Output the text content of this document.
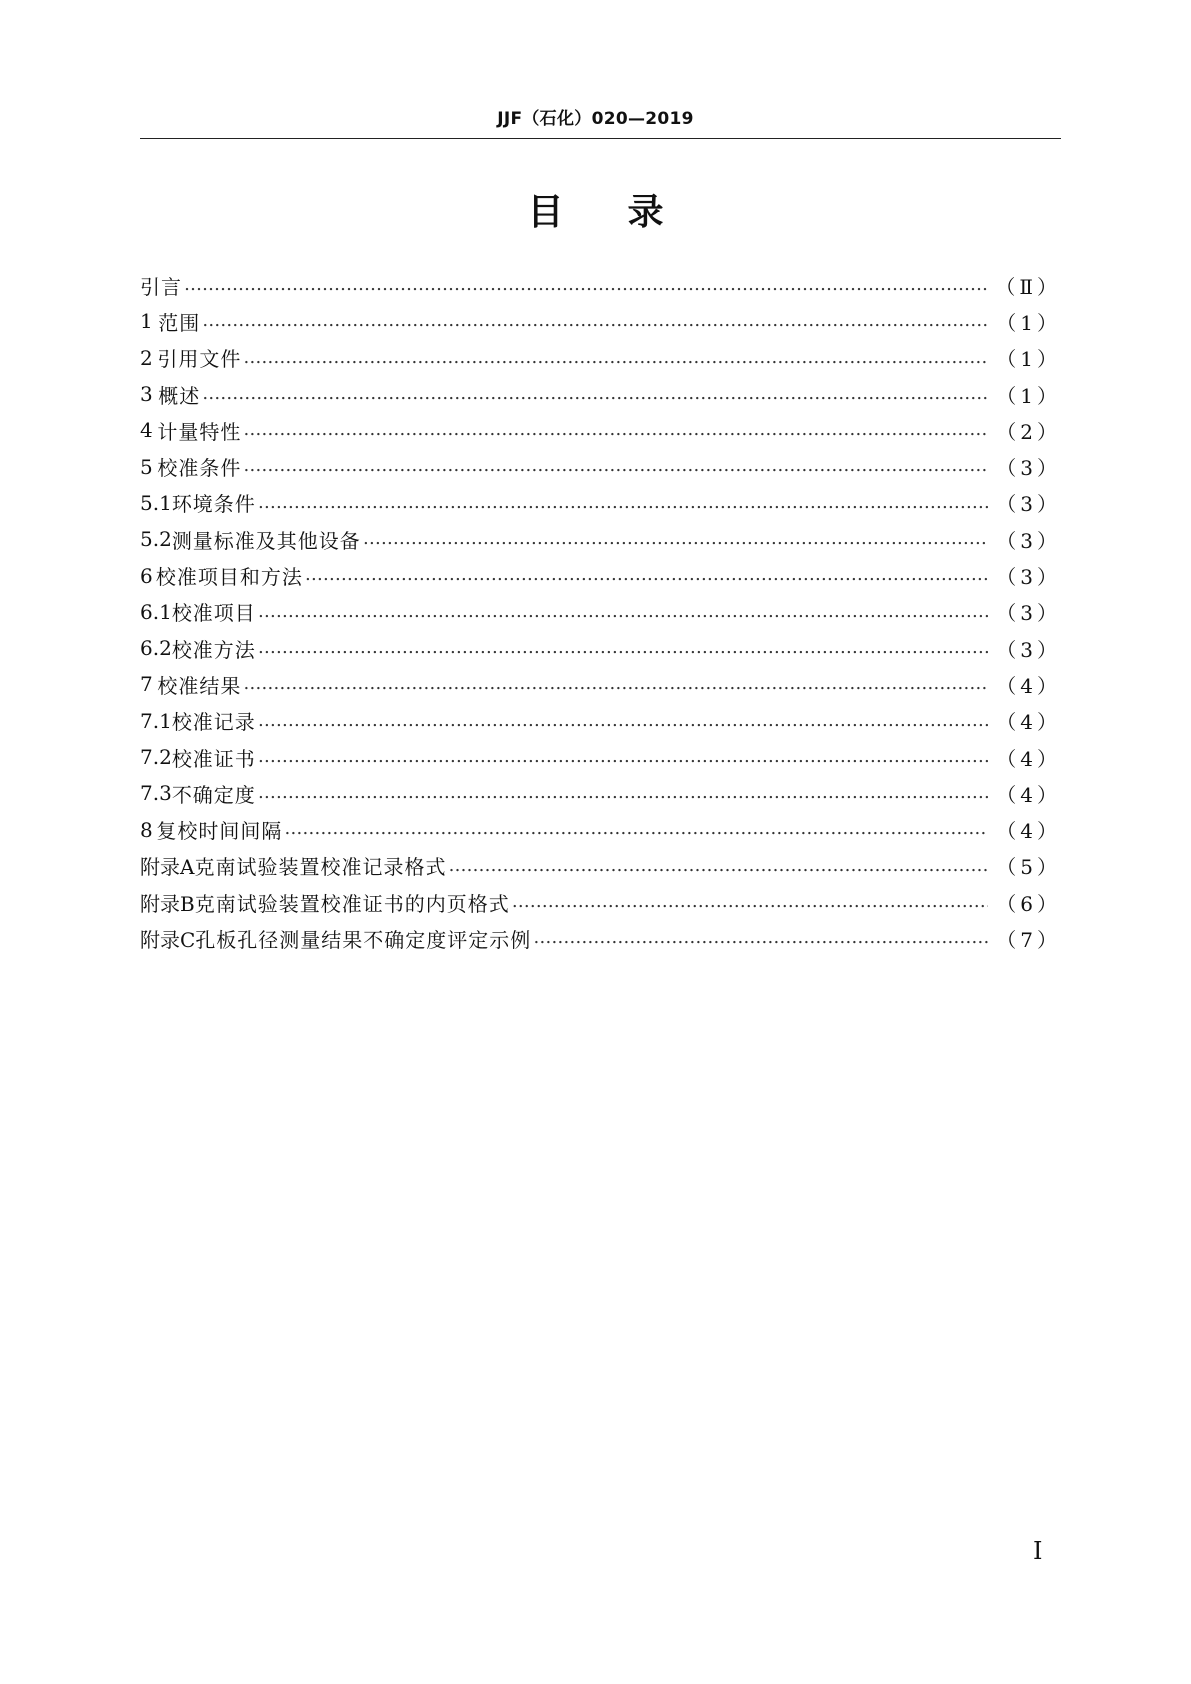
JJF（石化）020—2019
目录
引言 ……………………………………………………………………………………………………………………………………………………………………………………………………………………………………	（Ⅱ）
1 范围 ……………………………………………………………………………………………………………………………………………………………………………………………………………………………………	（1）
2 引用文件 ……………………………………………………………………………………………………………………………………………………………………………………………………………………………………	（1）
3 概述 ……………………………………………………………………………………………………………………………………………………………………………………………………………………………………	（1）
4 计量特性 ……………………………………………………………………………………………………………………………………………………………………………………………………………………………………	（2）
5 校准条件 ……………………………………………………………………………………………………………………………………………………………………………………………………………………………………	（3）
5.1 环境条件 ……………………………………………………………………………………………………………………………………………………………………………………………………………………………………	（3）
5.2 测量标准及其他设备 ……………………………………………………………………………………………………………………………………………………………………………………………………………………………………	（3）
6 校准项目和方法 ……………………………………………………………………………………………………………………………………………………………………………………………………………………………………	（3）
6.1 校准项目 ……………………………………………………………………………………………………………………………………………………………………………………………………………………………………	（3）
6.2 校准方法 ……………………………………………………………………………………………………………………………………………………………………………………………………………………………………	（3）
7 校准结果 ……………………………………………………………………………………………………………………………………………………………………………………………………………………………………	（4）
7.1 校准记录 ……………………………………………………………………………………………………………………………………………………………………………………………………………………………………	（4）
7.2 校准证书 ……………………………………………………………………………………………………………………………………………………………………………………………………………………………………	（4）
7.3 不确定度 ……………………………………………………………………………………………………………………………………………………………………………………………………………………………………	（4）
8 复校时间间隔 ……………………………………………………………………………………………………………………………………………………………………………………………………………………………………	（4）
附录A 克南试验装置校准记录格式 ……………………………………………………………………………………………………………………………………………………………………………………………………………………………………	（5）
附录B 克南试验装置校准证书的内页格式 ……………………………………………………………………………………………………………………………………………………………………………………………………………………………………	（6）
附录C 孔板孔径测量结果不确定度评定示例 ……………………………………………………………………………………………………………………………………………………………………………………………………………………………………	（7）
Ⅰ
